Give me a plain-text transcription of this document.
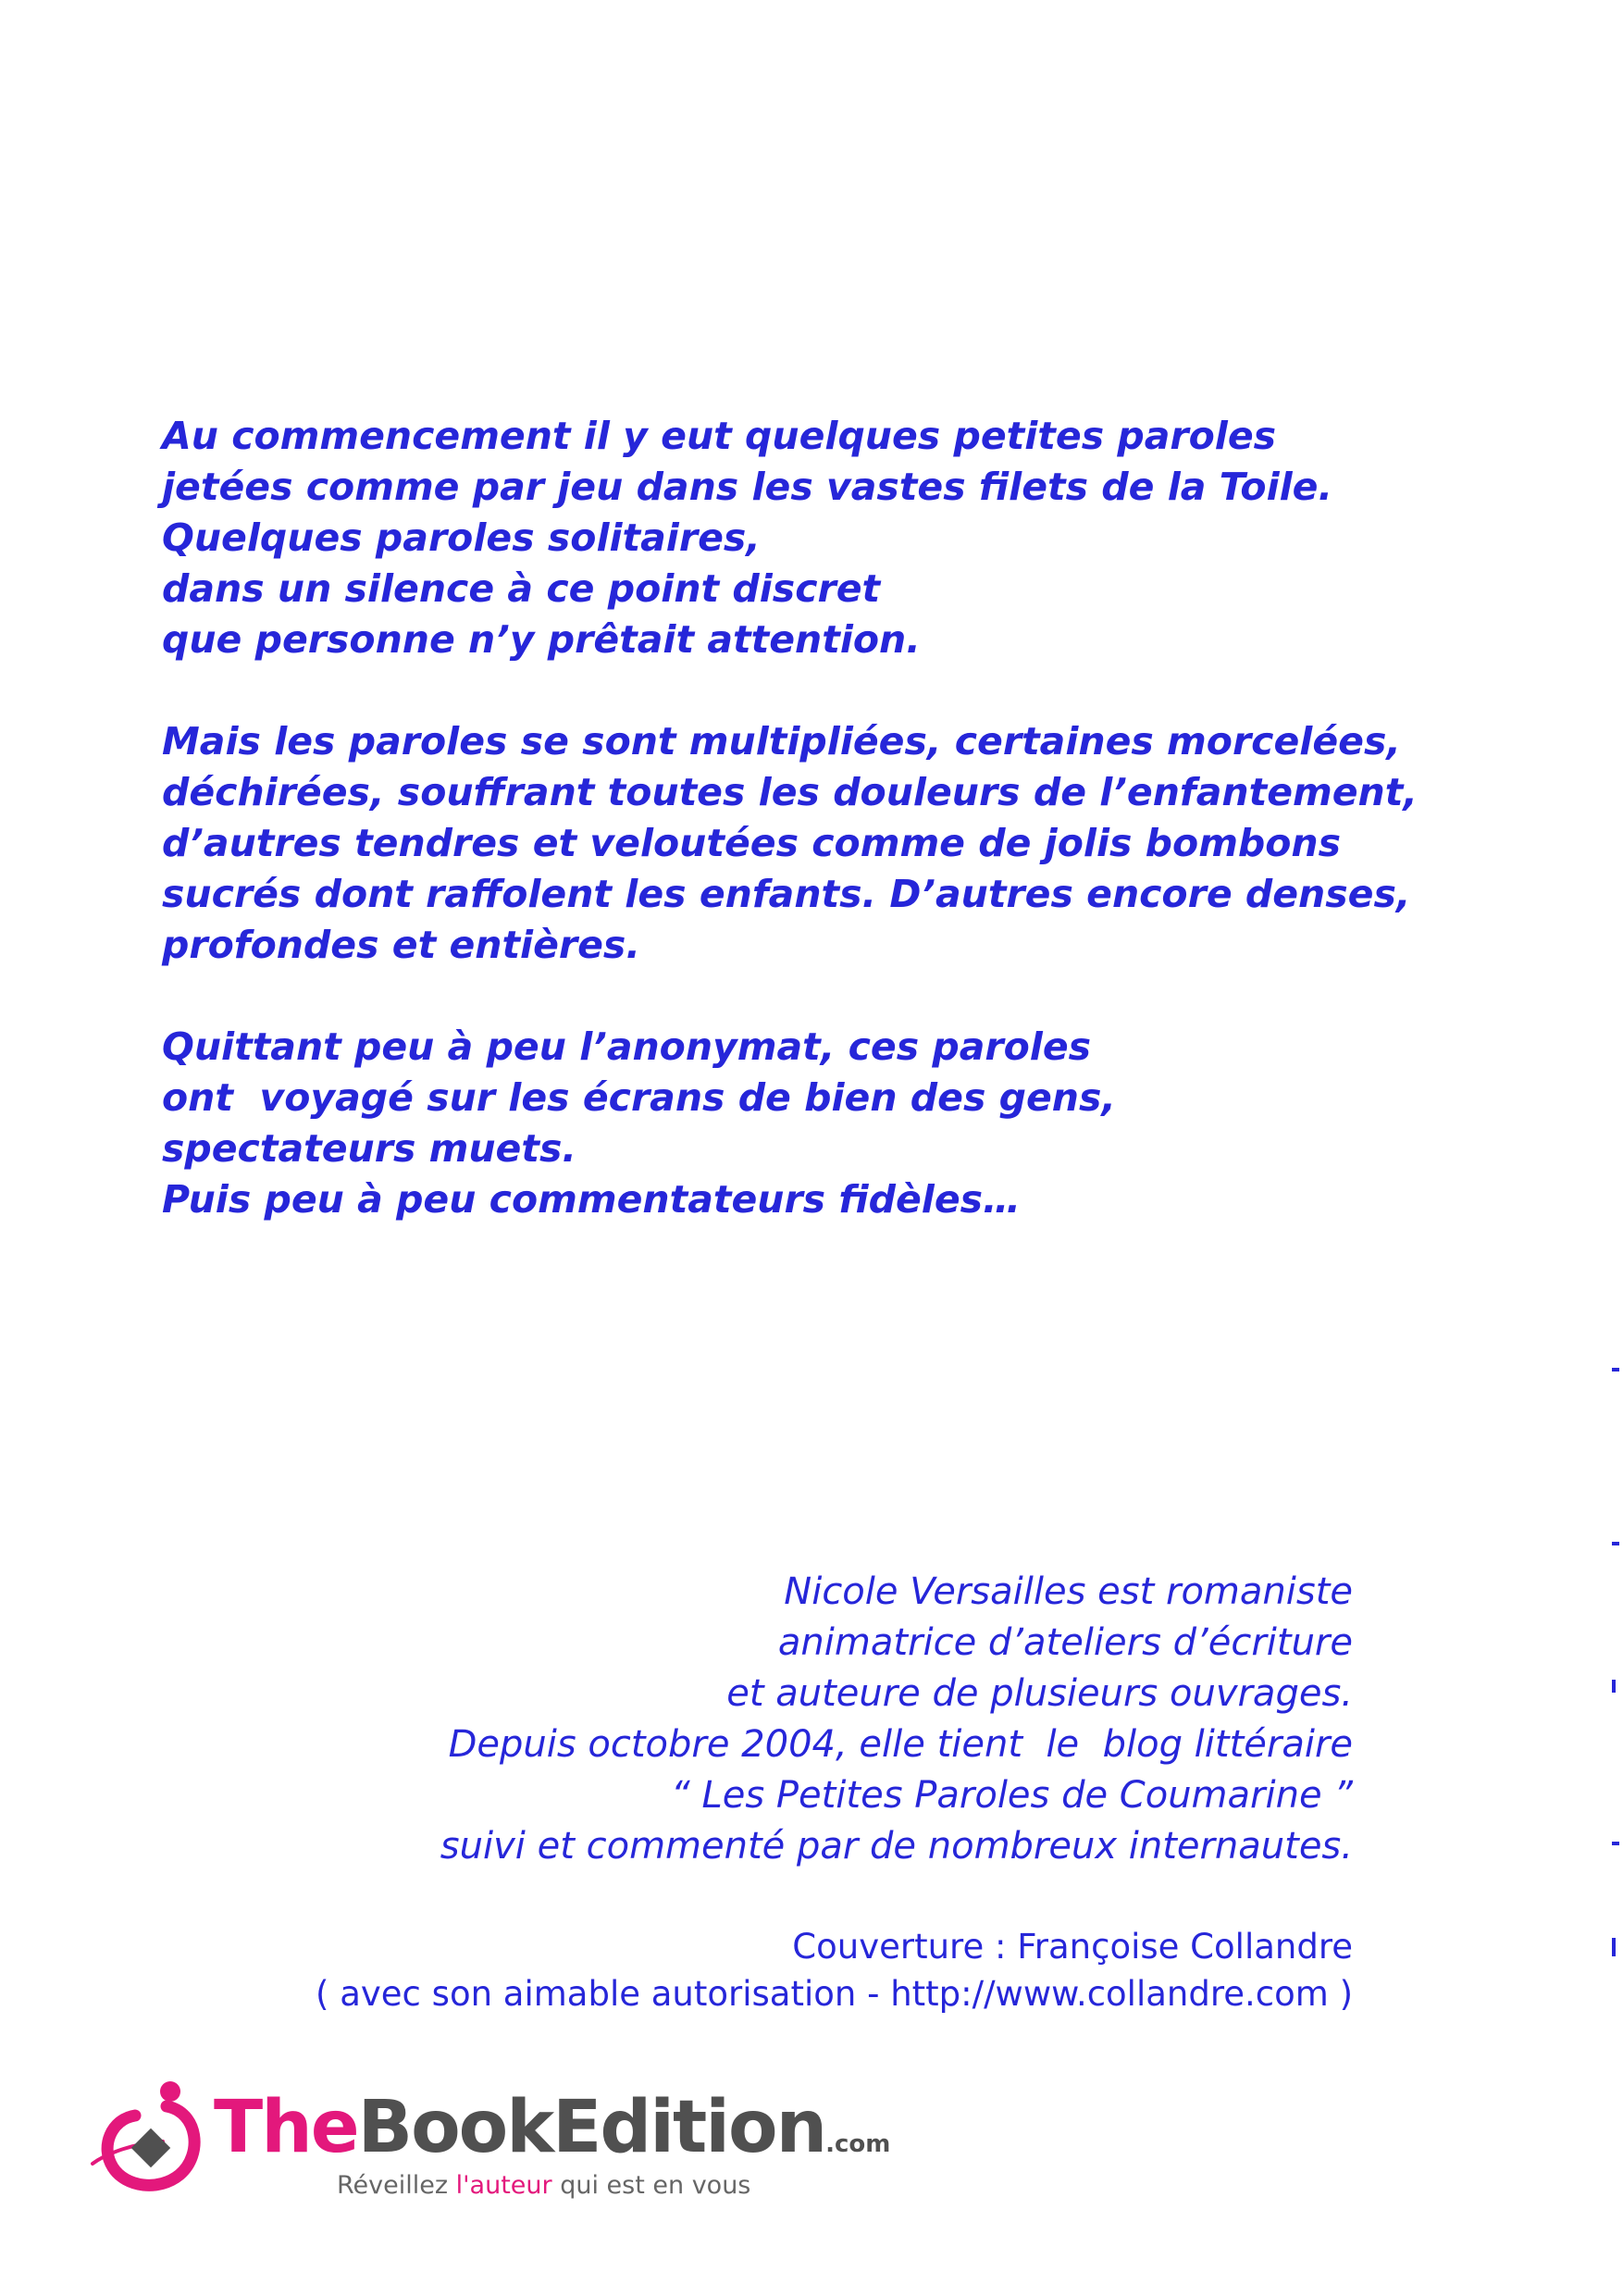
Au commencement il y eut quelques petites paroles
jetées comme par jeu dans les vastes filets de la Toile.
Quelques paroles solitaires,
dans un silence à ce point discret
que personne n’y prêtait attention.
Mais les paroles se sont multipliées, certaines morcelées,
déchirées, souffrant toutes les douleurs de l’enfantement,
d’autres tendres et veloutées comme de jolis bombons
sucrés dont raffolent les enfants. D’autres encore denses,
profondes et entières.
Quittant peu à peu l’anonymat, ces paroles
ont  voyagé sur les écrans de bien des gens,
spectateurs muets.
Puis peu à peu commentateurs fidèles…
Nicole Versailles est romaniste
animatrice d’ateliers d’écriture
et auteure de plusieurs ouvrages.
Depuis octobre 2004, elle tient  le  blog littéraire
“ Les Petites Paroles de Coumarine ”
suivi et commenté par de nombreux internautes.
Couverture : Françoise Collandre
( avec son aimable autorisation - http://www.collandre.com )
TheBookEdition.com
Réveillez l'auteur qui est en vous
